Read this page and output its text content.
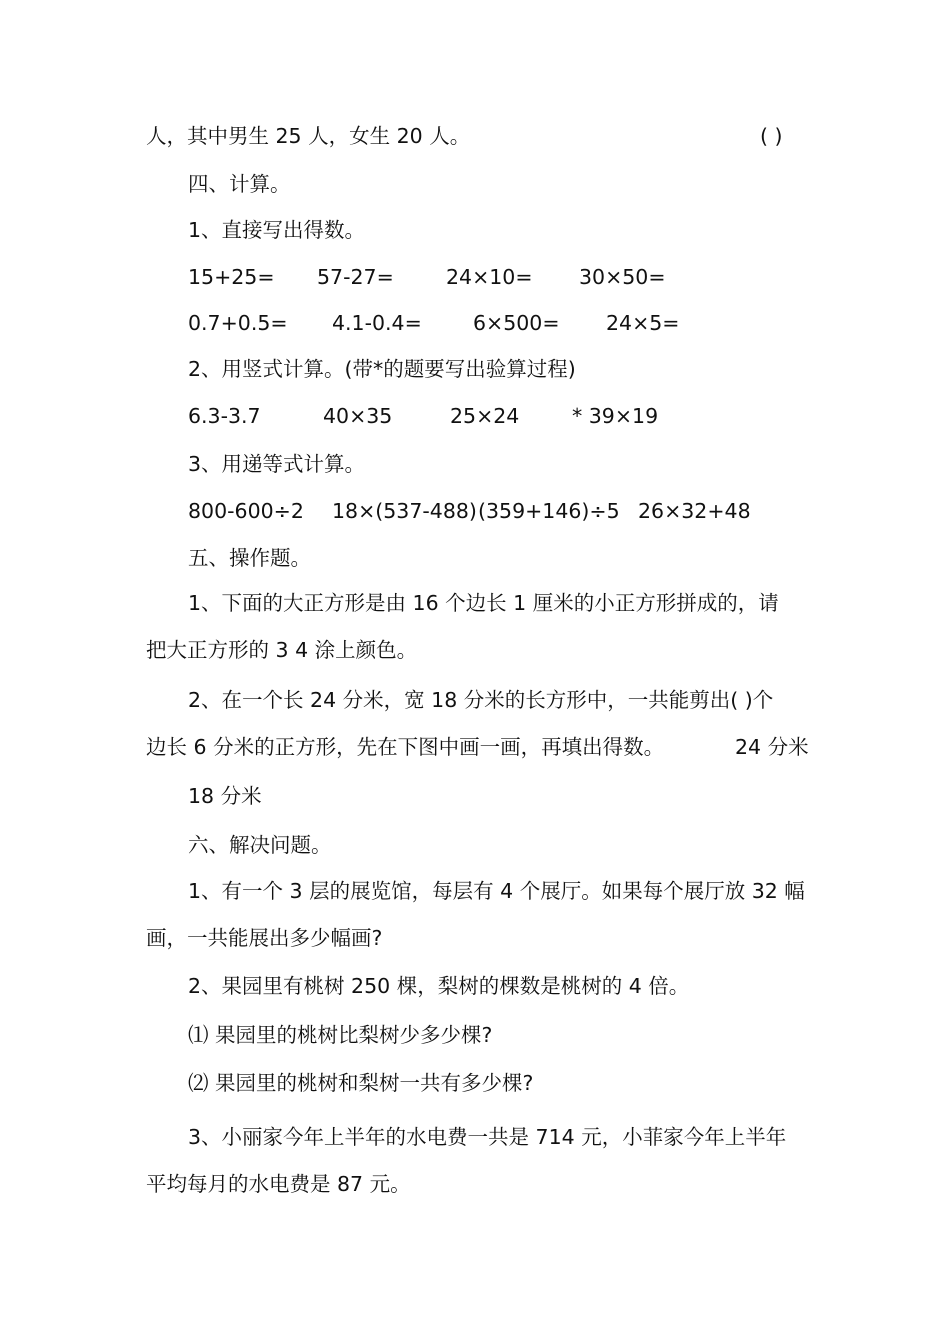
人，其中男生 25 人，女生 20 人。	( )
四、计算。
1、直接写出得数。
15+25= 57-27=	24×10= 30×50=
0.7+0.5= 4.1-0.4= 6×500= 24×5=
2、用竖式计算。(带*的题要写出验算过程)
6.3-3.7	40×35	25×24	* 39×19
3、用递等式计算。
800-600÷2 18×(537-488) (359+146)÷5 26×32+48
五、操作题。
1、下面的大正方形是由 16 个边长 1 厘米的小正方形拼成的，请
把大正方形的 3 4 涂上颜色。
2、在一个长 24 分米，宽 18 分米的长方形中，一共能剪出( )个
边长 6 分米的正方形，先在下图中画一画，再填出得数。	24 分米
18 分米
六、解决问题。
1、有一个 3 层的展览馆，每层有 4 个展厅。如果每个展厅放 32 幅
画，一共能展出多少幅画?
2、果园里有桃树 250 棵，梨树的棵数是桃树的 4 倍。
⑴ 果园里的桃树比梨树少多少棵?
⑵ 果园里的桃树和梨树一共有多少棵?
3、小丽家今年上半年的水电费一共是 714 元，小菲家今年上半年
平均每月的水电费是 87 元。
